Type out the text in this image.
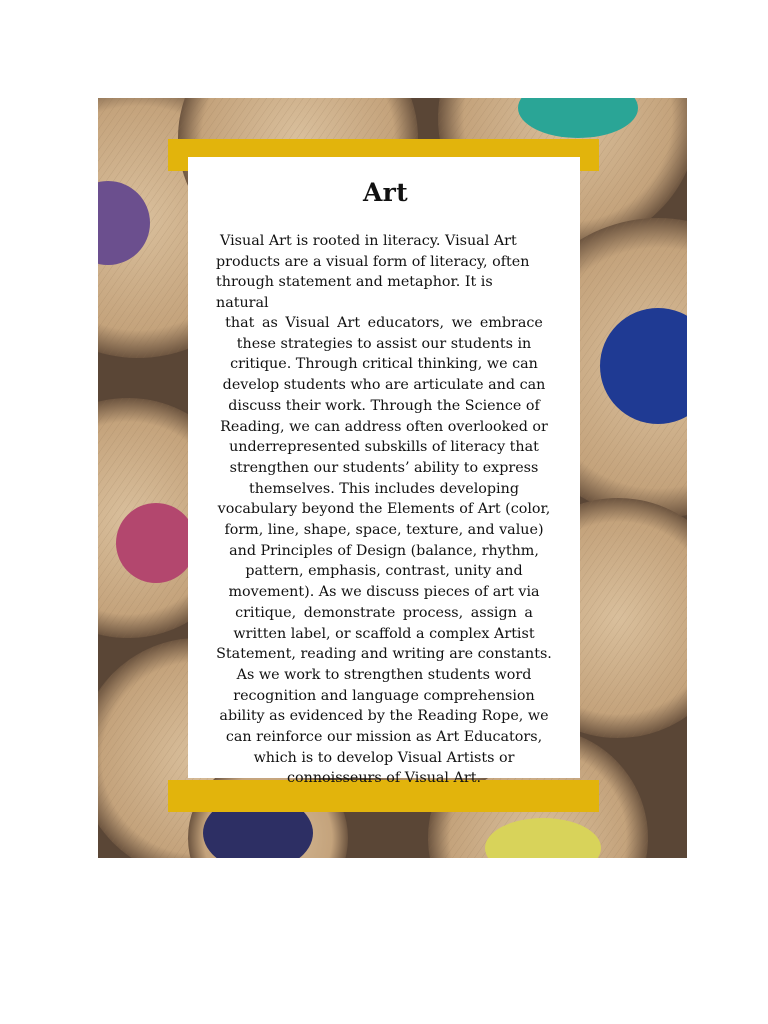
Art
Visual Art is rooted in literacy. Visual Art
products are a visual form of literacy, often
through statement and metaphor. It is
natural
that as Visual Art educators, we embrace
these strategies to assist our students in
critique. Through critical thinking, we can
develop students who are articulate and can
discuss their work. Through the Science of
Reading, we can address often overlooked or
underrepresented subskills of literacy that
strengthen our students’ ability to express
themselves. This includes developing
vocabulary beyond the Elements of Art (color,
form, line, shape, space, texture, and value)
and Principles of Design (balance, rhythm,
pattern, emphasis, contrast, unity and
movement). As we discuss pieces of art via
critique, demonstrate process, assign a
written label, or scaffold a complex Artist
Statement, reading and writing are constants.
As we work to strengthen students word
recognition and language comprehension
ability as evidenced by the Reading Rope, we
can reinforce our mission as Art Educators,
which is to develop Visual Artists or
connoisseurs of Visual Art.
